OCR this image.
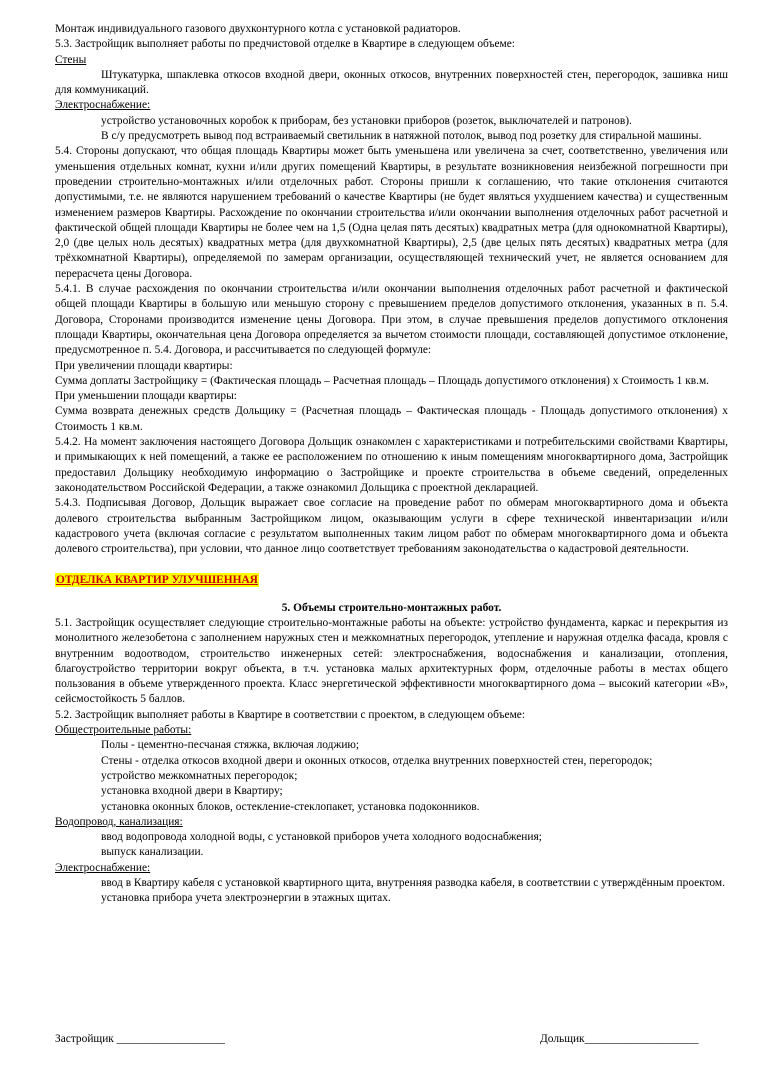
Монтаж индивидуального газового двухконтурного котла с установкой радиаторов.

5.3. Застройщик выполняет работы по предчистовой отделке в Квартире в следующем объеме:

Стены

Штукатурка, шпаклевка откосов входной двери, оконных откосов, внутренних поверхностей стен, перегородок, зашивка ниш для коммуникаций.

Электроснабжение:

устройство установочных коробок к приборам, без установки приборов (розеток, выключателей и патронов).

В с/у предусмотреть вывод под встраиваемый светильник в натяжной потолок, вывод под розетку для стиральной машины.

5.4. Стороны допускают, что общая площадь Квартиры может быть уменьшена или увеличена за счет, соответственно, увеличения или уменьшения отдельных комнат, кухни и/или других помещений Квартиры, в результате возникновения неизбежной погрешности при проведении строительно-монтажных и/или отделочных работ. Стороны пришли к соглашению, что такие отклонения считаются допустимыми, т.е. не являются нарушением требований о качестве Квартиры (не будет являться ухудшением качества) и существенным изменением размеров Квартиры. Расхождение по окончании строительства и/или окончании выполнения отделочных работ расчетной и фактической общей площади Квартиры не более чем на 1,5 (Одна целая пять десятых) квадратных метра (для однокомнатной Квартиры), 2,0 (две целых ноль десятых) квадратных метра (для двухкомнатной Квартиры), 2,5 (две целых пять десятых) квадратных метра (для трёхкомнатной Квартиры), определяемой по замерам организации, осуществляющей технический учет, не является основанием для перерасчета цены Договора.

5.4.1. В случае расхождения по окончании строительства и/или окончании выполнения отделочных работ расчетной и фактической общей площади Квартиры в большую или меньшую сторону с превышением пределов допустимого отклонения, указанных в п. 5.4. Договора, Сторонами производится изменение цены Договора. При этом, в случае превышения пределов допустимого отклонения площади Квартиры, окончательная цена Договора определяется за вычетом стоимости площади, составляющей допустимое отклонение, предусмотренное п. 5.4. Договора, и рассчитывается по следующей формуле:

При увеличении площади квартиры:

Сумма доплаты Застройщику = (Фактическая площадь – Расчетная площадь – Площадь допустимого отклонения) х Стоимость 1 кв.м.

При уменьшении площади квартиры:

Сумма возврата денежных средств Дольщику = (Расчетная площадь – Фактическая площадь - Площадь допустимого отклонения) х Стоимость 1 кв.м.

5.4.2. На момент заключения настоящего Договора Дольщик ознакомлен с характеристиками и потребительскими свойствами Квартиры, и примыкающих к ней помещений, а также ее расположением по отношению к иным помещениям многоквартирного дома, Застройщик предоставил Дольщику необходимую информацию о Застройщике и проекте строительства в объеме сведений, определенных законодательством Российской Федерации, а также ознакомил Дольщика с проектной декларацией.

5.4.3. Подписывая Договор, Дольщик выражает свое согласие на проведение работ по обмерам многоквартирного дома и объекта долевого строительства выбранным Застройщиком лицом, оказывающим услуги в сфере технической инвентаризации и/или кадастрового учета (включая согласие с результатом выполненных таким лицом работ по обмерам многоквартирного дома и объекта долевого строительства), при условии, что данное лицо соответствует требованиям законодательства о кадастровой деятельности.

ОТДЕЛКА КВАРТИР УЛУЧШЕННАЯ

5. Объемы строительно-монтажных работ.

5.1. Застройщик осуществляет следующие строительно-монтажные работы на объекте: устройство фундамента, каркас и перекрытия из монолитного железобетона с заполнением наружных стен и межкомнатных перегородок, утепление и наружная отделка фасада, кровля с внутренним водоотводом, строительство инженерных сетей: электроснабжения, водоснабжения и канализации, отопления, благоустройство территории вокруг объекта, в т.ч. установка малых архитектурных форм, отделочные работы в местах общего пользования в объеме утвержденного проекта. Класс энергетической эффективности многоквартирного дома – высокий категории «В», сейсмостойкость 5 баллов.

5.2. Застройщик выполняет работы в Квартире в соответствии с проектом, в следующем объеме:

Общестроительные работы:

Полы - цементно-песчаная стяжка, включая лоджию;

Стены - отделка откосов входной двери и оконных откосов, отделка внутренних поверхностей стен, перегородок;

устройство межкомнатных перегородок;

установка входной двери в Квартиру;

установка оконных блоков, остекление-стеклопакет, установка подоконников.

Водопровод, канализация:

ввод водопровода холодной воды, с установкой приборов учета холодного водоснабжения;

выпуск канализации.

Электроснабжение:

ввод в Квартиру кабеля с установкой квартирного щита, внутренняя разводка кабеля, в соответствии с утверждённым проектом.

установка прибора учета электроэнергии в этажных щитах.

Застройщик ___________________	Дольщик____________________
